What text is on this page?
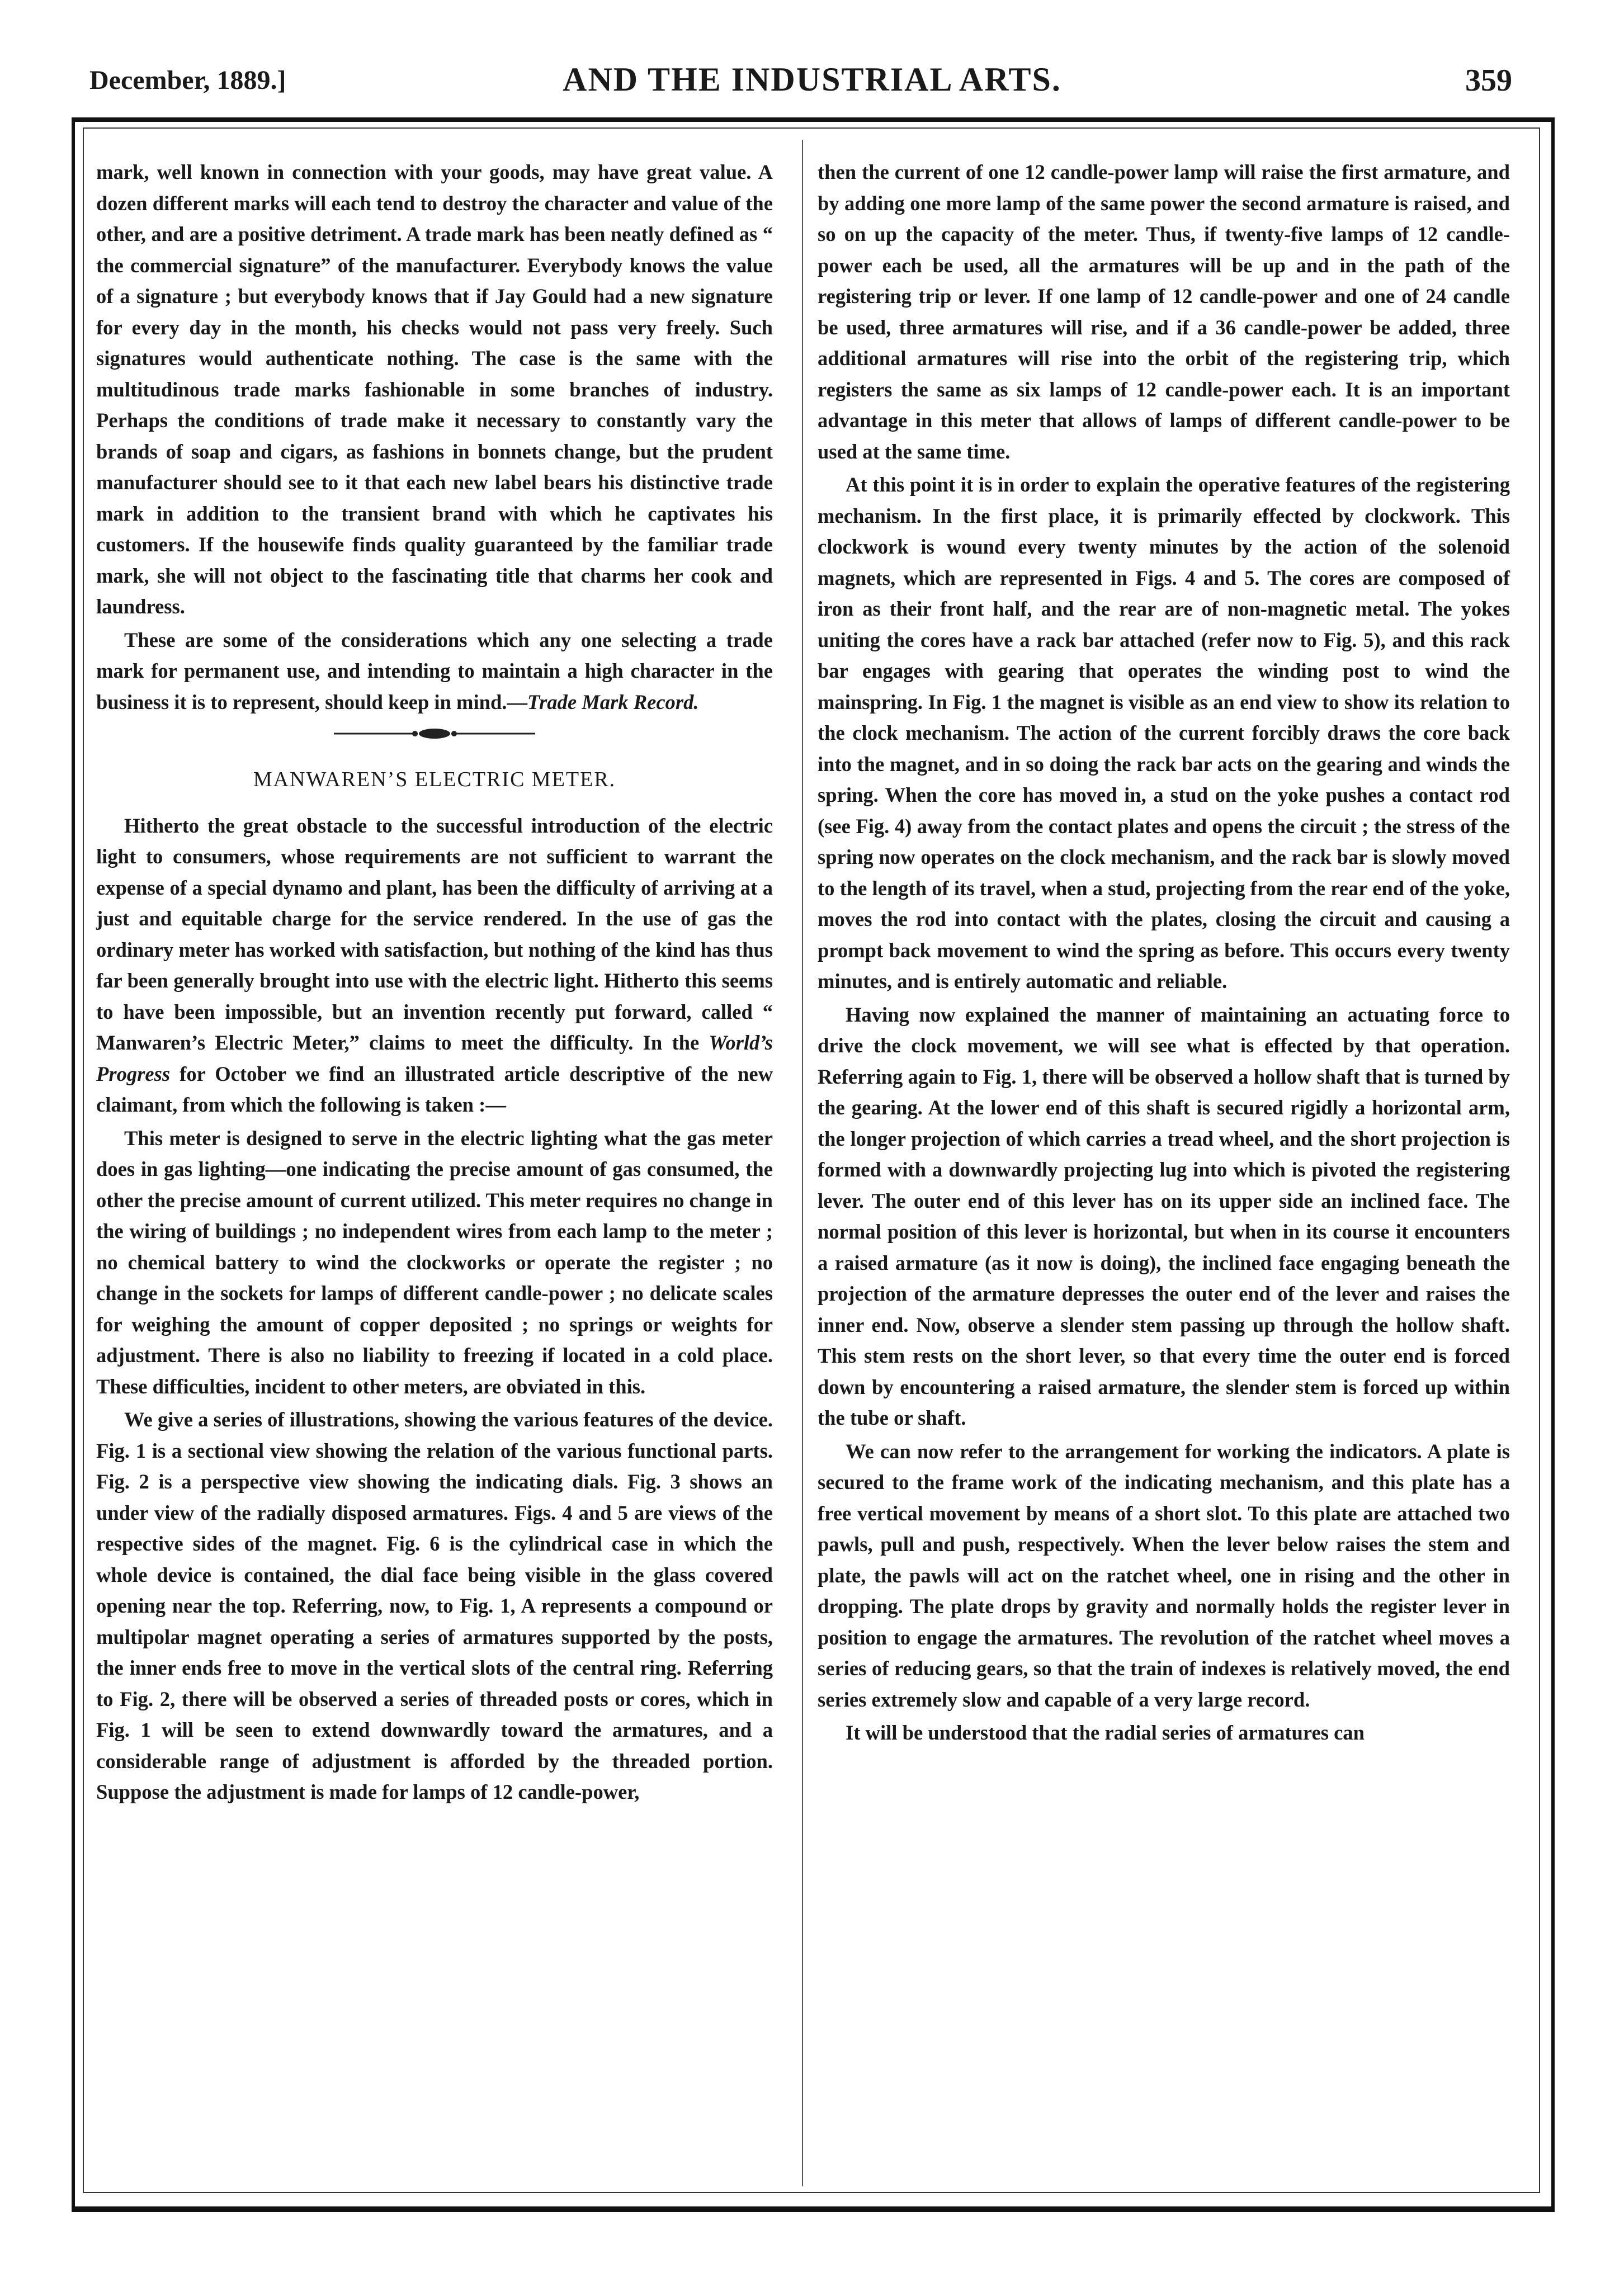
December, 1889.]	AND THE INDUSTRIAL ARTS.	359

mark, well known in connection with your goods, may have great value. A dozen different marks will each tend to destroy the character and value of the other, and are a positive detriment. A trade mark has been neatly defined as “ the commercial signature” of the manufacturer. Everybody knows the value of a signature ; but everybody knows that if Jay Gould had a new signature for every day in the month, his checks would not pass very freely. Such signatures would authenticate nothing. The case is the same with the multitudinous trade marks fashionable in some branches of industry. Perhaps the conditions of trade make it necessary to constantly vary the brands of soap and cigars, as fashions in bonnets change, but the prudent manufacturer should see to it that each new label bears his distinctive trade mark in addition to the transient brand with which he captivates his customers. If the housewife finds quality guaranteed by the familiar trade mark, she will not object to the fascinating title that charms her cook and laundress.

These are some of the considerations which any one selecting a trade mark for permanent use, and intending to maintain a high character in the business it is to represent, should keep in mind.—Trade Mark Record.

MANWAREN’S ELECTRIC METER.

Hitherto the great obstacle to the successful introduction of the electric light to consumers, whose requirements are not sufficient to warrant the expense of a special dynamo and plant, has been the difficulty of arriving at a just and equitable charge for the service rendered. In the use of gas the ordinary meter has worked with satisfaction, but nothing of the kind has thus far been generally brought into use with the electric light. Hitherto this seems to have been impossible, but an invention recently put forward, called “ Manwaren’s Electric Meter,” claims to meet the difficulty. In the World’s Progress for October we find an illustrated article descriptive of the new claimant, from which the following is taken :—

This meter is designed to serve in the electric lighting what the gas meter does in gas lighting—one indicating the precise amount of gas consumed, the other the precise amount of current utilized. This meter requires no change in the wiring of buildings ; no independent wires from each lamp to the meter ; no chemical battery to wind the clockworks or operate the register ; no change in the sockets for lamps of different candle-power ; no delicate scales for weighing the amount of copper deposited ; no springs or weights for adjustment. There is also no liability to freezing if located in a cold place. These difficulties, incident to other meters, are obviated in this.

We give a series of illustrations, showing the various features of the device. Fig. 1 is a sectional view showing the relation of the various functional parts. Fig. 2 is a perspective view showing the indicating dials. Fig. 3 shows an under view of the radially disposed armatures. Figs. 4 and 5 are views of the respective sides of the magnet. Fig. 6 is the cylindrical case in which the whole device is contained, the dial face being visible in the glass covered opening near the top. Referring, now, to Fig. 1, A represents a compound or multipolar magnet operating a series of armatures supported by the posts, the inner ends free to move in the vertical slots of the central ring. Referring to Fig. 2, there will be observed a series of threaded posts or cores, which in Fig. 1 will be seen to extend downwardly toward the armatures, and a considerable range of adjustment is afforded by the threaded portion. Suppose the adjustment is made for lamps of 12 candle-power,

then the current of one 12 candle-power lamp will raise the first armature, and by adding one more lamp of the same power the second armature is raised, and so on up the capacity of the meter. Thus, if twenty-five lamps of 12 candle-power each be used, all the armatures will be up and in the path of the registering trip or lever. If one lamp of 12 candle-power and one of 24 candle be used, three armatures will rise, and if a 36 candle-power be added, three additional armatures will rise into the orbit of the registering trip, which registers the same as six lamps of 12 candle-power each. It is an important advantage in this meter that allows of lamps of different candle-power to be used at the same time.

At this point it is in order to explain the operative features of the registering mechanism. In the first place, it is primarily effected by clockwork. This clockwork is wound every twenty minutes by the action of the solenoid magnets, which are represented in Figs. 4 and 5. The cores are composed of iron as their front half, and the rear are of non-magnetic metal. The yokes uniting the cores have a rack bar attached (refer now to Fig. 5), and this rack bar engages with gearing that operates the winding post to wind the mainspring. In Fig. 1 the magnet is visible as an end view to show its relation to the clock mechanism. The action of the current forcibly draws the core back into the magnet, and in so doing the rack bar acts on the gearing and winds the spring. When the core has moved in, a stud on the yoke pushes a contact rod (see Fig. 4) away from the contact plates and opens the circuit ; the stress of the spring now operates on the clock mechanism, and the rack bar is slowly moved to the length of its travel, when a stud, projecting from the rear end of the yoke, moves the rod into contact with the plates, closing the circuit and causing a prompt back movement to wind the spring as before. This occurs every twenty minutes, and is entirely automatic and reliable.

Having now explained the manner of maintaining an actuating force to drive the clock movement, we will see what is effected by that operation. Referring again to Fig. 1, there will be observed a hollow shaft that is turned by the gearing. At the lower end of this shaft is secured rigidly a horizontal arm, the longer projection of which carries a tread wheel, and the short projection is formed with a downwardly projecting lug into which is pivoted the registering lever. The outer end of this lever has on its upper side an inclined face. The normal position of this lever is horizontal, but when in its course it encounters a raised armature (as it now is doing), the inclined face engaging beneath the projection of the armature depresses the outer end of the lever and raises the inner end. Now, observe a slender stem passing up through the hollow shaft. This stem rests on the short lever, so that every time the outer end is forced down by encountering a raised armature, the slender stem is forced up within the tube or shaft.

We can now refer to the arrangement for working the indicators. A plate is secured to the frame work of the indicating mechanism, and this plate has a free vertical movement by means of a short slot. To this plate are attached two pawls, pull and push, respectively. When the lever below raises the stem and plate, the pawls will act on the ratchet wheel, one in rising and the other in dropping. The plate drops by gravity and normally holds the register lever in position to engage the armatures. The revolution of the ratchet wheel moves a series of reducing gears, so that the train of indexes is relatively moved, the end series extremely slow and capable of a very large record.

It will be understood that the radial series of armatures can
